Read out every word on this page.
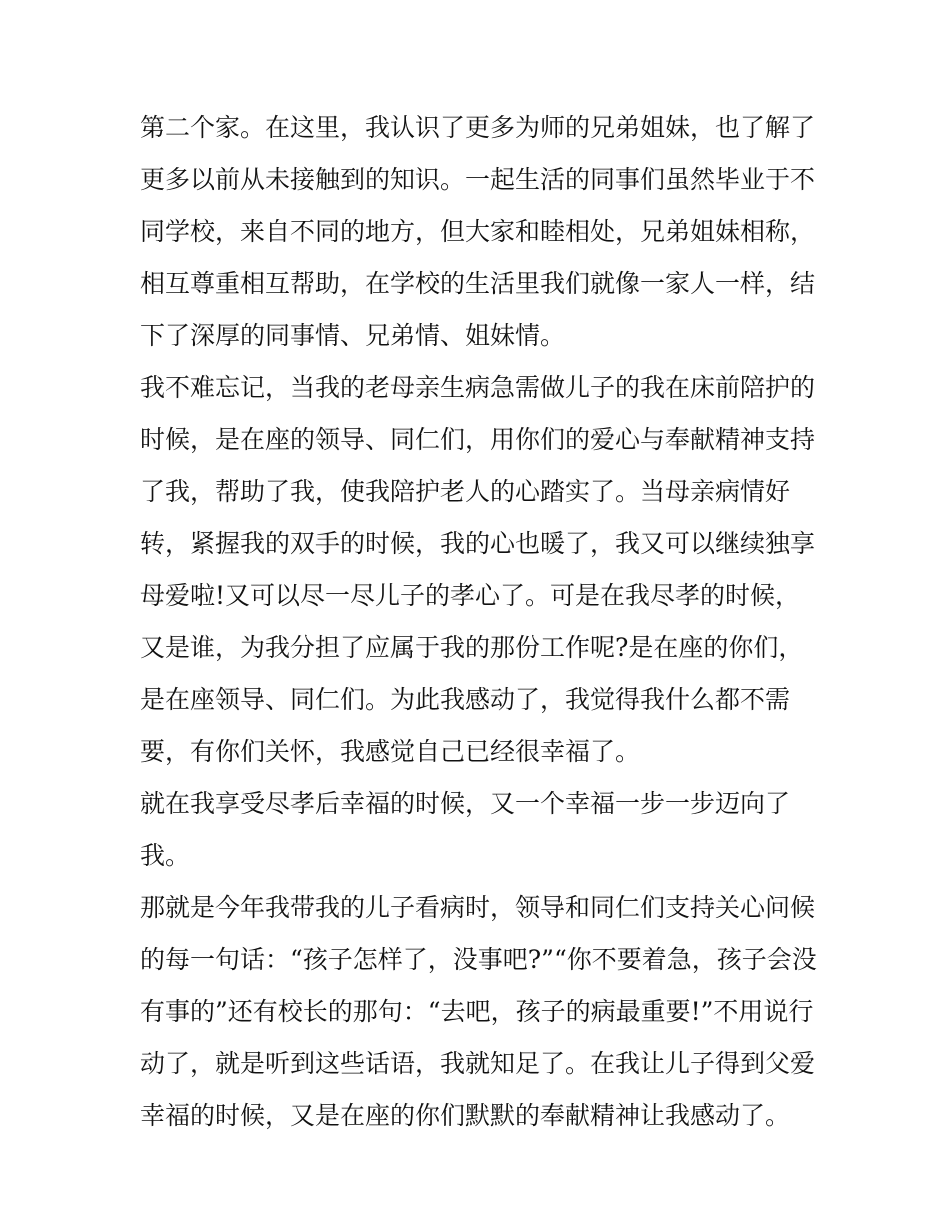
第二个家。在这里，我认识了更多为师的兄弟姐妹，也了解了
更多以前从未接触到的知识。一起生活的同事们虽然毕业于不
同学校，来自不同的地方，但大家和睦相处，兄弟姐妹相称，
相互尊重相互帮助，在学校的生活里我们就像一家人一样，结
下了深厚的同事情、兄弟情、姐妹情。
我不难忘记，当我的老母亲生病急需做儿子的我在床前陪护的
时候，是在座的领导、同仁们，用你们的爱心与奉献精神支持
了我，帮助了我，使我陪护老人的心踏实了。当母亲病情好
转，紧握我的双手的时候，我的心也暖了，我又可以继续独享
母爱啦!又可以尽一尽儿子的孝心了。可是在我尽孝的时候，
又是谁，为我分担了应属于我的那份工作呢?是在座的你们，
是在座领导、同仁们。为此我感动了，我觉得我什么都不需
要，有你们关怀，我感觉自己已经很幸福了。
就在我享受尽孝后幸福的时候，又一个幸福一步一步迈向了
我。
那就是今年我带我的儿子看病时，领导和同仁们支持关心问候
的每一句话：“孩子怎样了，没事吧?”“你不要着急，孩子会没
有事的”还有校长的那句：“去吧，孩子的病最重要!”不用说行
动了，就是听到这些话语，我就知足了。在我让儿子得到父爱
幸福的时候，又是在座的你们默默的奉献精神让我感动了。
